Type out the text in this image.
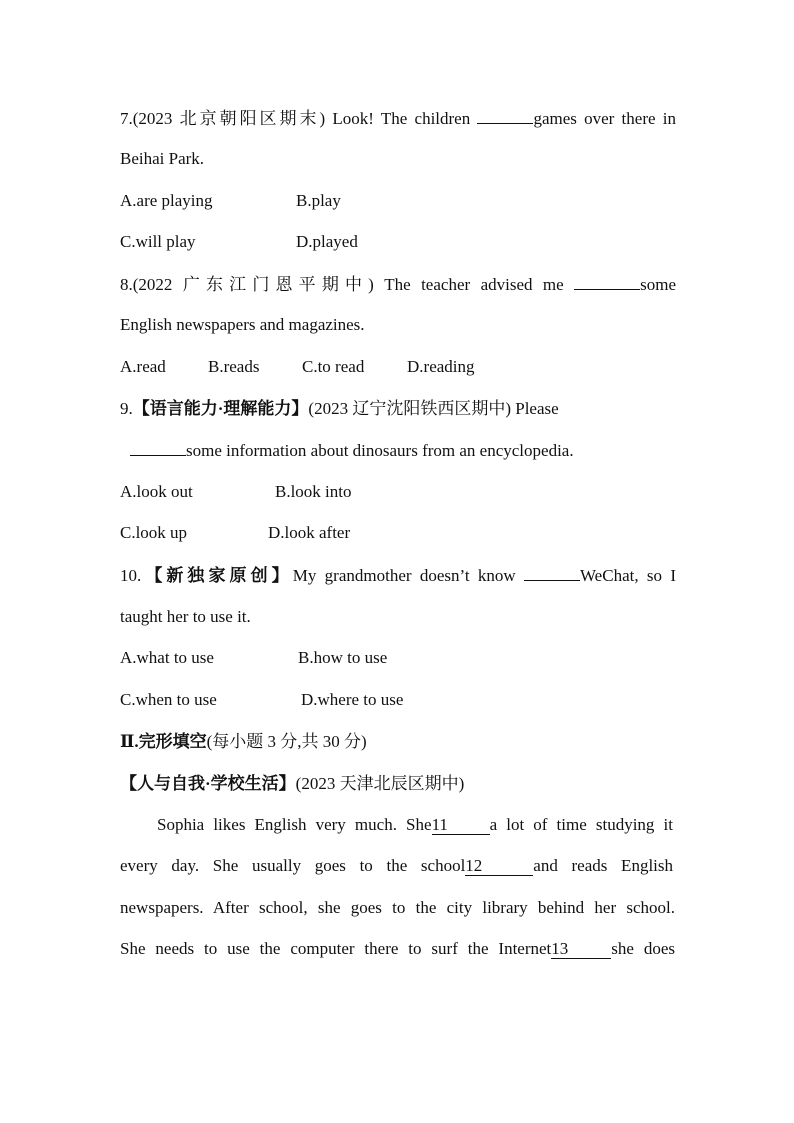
7.(2023 北京朝阳区期末) Look! The children	games over there in
Beihai Park.
A.are playing	B.play
C.will play	D.played
8.(2022 广东江门恩平期中) The teacher advised me	some
English newspapers and magazines.
A.read B.reads	C.to read	D.reading
9.【语言能力·理解能力】(2023 辽宁沈阳铁西区期中) Please
some information about dinosaurs from an encyclopedia.
A.look out	B.look into
C.look up	D.look after
10.【新独家原创】My grandmother doesn’t know	WeChat, so I
taught her to use it.
A.what to use	B.how to use
C.when to use	D.where to use
Ⅱ.完形填空(每小题 3 分,共 30 分)
【人与自我·学校生活】(2023 天津北辰区期中)
Sophia likes English very much. She11 a lot of time studying it
every day. She usually goes to the school12	and reads English
newspapers. After school, she goes to the city library behind her school.
She needs to use the computer there to surf the Internet13	she does
